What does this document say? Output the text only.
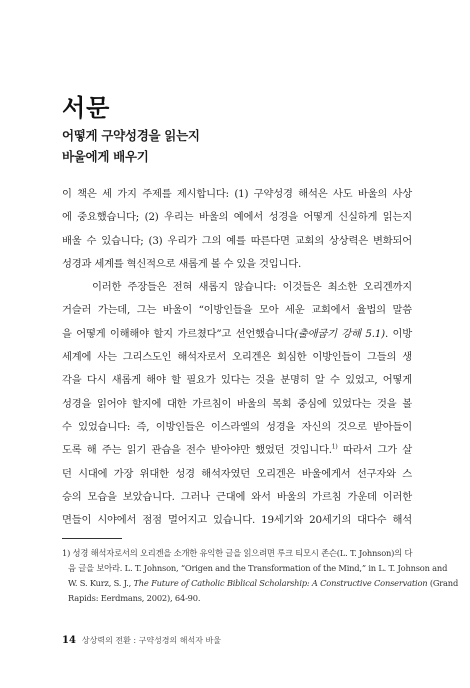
서문
어떻게 구약성경을 읽는지
바울에게 배우기
이 책은 세 가지 주제를 제시합니다: (1) 구약성경 해석은 사도 바울의 사상
에 중요했습니다; (2) 우리는 바울의 예에서 성경을 어떻게 신실하게 읽는지
배울 수 있습니다; (3) 우리가 그의 예를 따른다면 교회의 상상력은 변화되어
성경과 세계를 혁신적으로 새롭게 볼 수 있을 것입니다.
이러한 주장들은 전혀 새롭지 않습니다: 이것들은 최소한 오리겐까지
거슬러 가는데, 그는 바울이 “이방인들을 모아 세운 교회에서 율법의 말씀
을 어떻게 이해해야 할지 가르쳤다”고 선언했습니다(출애굽기 강해 5.1). 이방
세계에 사는 그리스도인 해석자로서 오리겐은 회심한 이방인들이 그들의 생
각을 다시 새롭게 해야 할 필요가 있다는 것을 분명히 알 수 있었고, 어떻게
성경을 읽어야 할지에 대한 가르침이 바울의 목회 중심에 있었다는 것을 볼
수 있었습니다: 즉, 이방인들은 이스라엘의 성경을 자신의 것으로 받아들이
도록 해 주는 읽기 관습을 전수 받아야만 했었던 것입니다.$^{1)}$ 따라서 그가 살
던 시대에 가장 위대한 성경 해석자였던 오리겐은 바울에게서 선구자와 스
승의 모습을 보았습니다. 그러나 근대에 와서 바울의 가르침 가운데 이러한
면들이 시야에서 점점 멀어지고 있습니다. 19세기와 20세기의 대다수 해석
1) 성경 해석자로서의 오리겐을 소개한 유익한 글을 읽으려면 루크 티모시 존슨(L. T. Johnson)의 다
음 글을 보아라. L. T. Johnson, “Origen and the Transformation of the Mind,” in L. T. Johnson and
W. S. Kurz, S. J., The Future of Catholic Biblical Scholarship: A Constructive Conservation (Grand
Rapids: Eerdmans, 2002), 64-90.
14 상상력의 전환 : 구약성경의 해석자 바울
